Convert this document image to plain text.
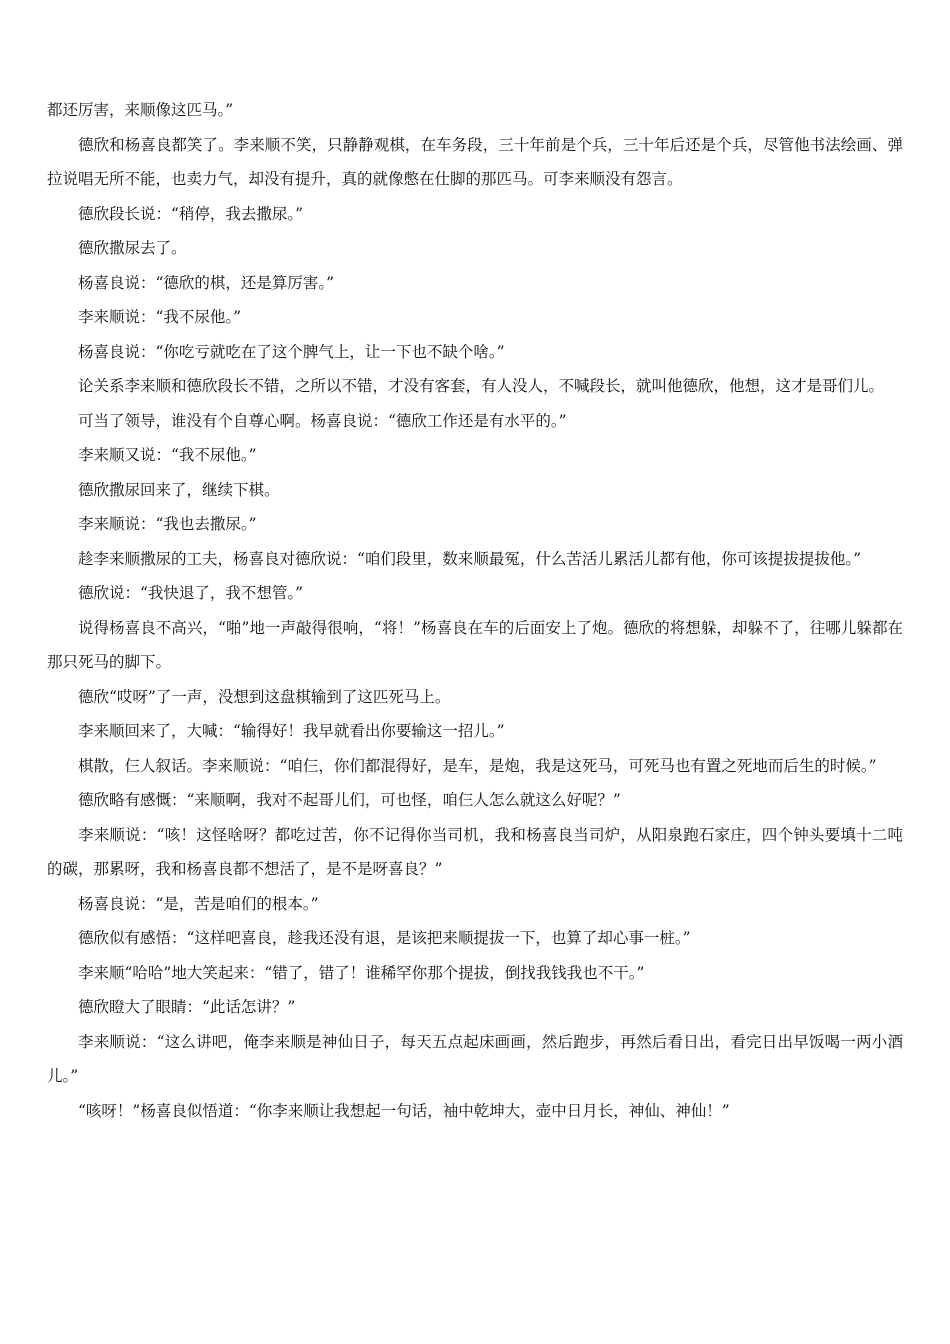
都还厉害，来顺像这匹马。”

德欣和杨喜良都笑了。李来顺不笑，只静静观棋，在车务段，三十年前是个兵，三十年后还是个兵，尽管他书法绘画、弹拉说唱无所不能，也卖力气，却没有提升，真的就像憋在仕脚的那匹马。可李来顺没有怨言。

德欣段长说：“稍停，我去撒尿。”

德欣撒尿去了。

杨喜良说：“德欣的棋，还是算厉害。”

李来顺说：“我不尿他。”

杨喜良说：“你吃亏就吃在了这个脾气上，让一下也不缺个啥。”

论关系李来顺和德欣段长不错，之所以不错，才没有客套，有人没人，不喊段长，就叫他德欣，他想，这才是哥们儿。

可当了领导，谁没有个自尊心啊。杨喜良说：“德欣工作还是有水平的。”

李来顺又说：“我不尿他。”

德欣撒尿回来了，继续下棋。

李来顺说：“我也去撒尿。”

趁李来顺撒尿的工夫，杨喜良对德欣说：“咱们段里，数来顺最冤，什么苦活儿累活儿都有他，你可该提拔提拔他。”

德欣说：“我快退了，我不想管。”

说得杨喜良不高兴，“啪”地一声敲得很响，“将！”杨喜良在车的后面安上了炮。德欣的将想躲，却躲不了，往哪儿躲都在那只死马的脚下。

德欣“哎呀”了一声，没想到这盘棋输到了这匹死马上。

李来顺回来了，大喊：“输得好！我早就看出你要输这一招儿。”

棋散，仨人叙话。李来顺说：“咱仨，你们都混得好，是车，是炮，我是这死马，可死马也有置之死地而后生的时候。”

德欣略有感慨：“来顺啊，我对不起哥儿们，可也怪，咱仨人怎么就这么好呢？”

李来顺说：“咳！这怪啥呀？都吃过苦，你不记得你当司机，我和杨喜良当司炉，从阳泉跑石家庄，四个钟头要填十二吨的碳，那累呀，我和杨喜良都不想活了，是不是呀喜良？”

杨喜良说：“是，苦是咱们的根本。”

德欣似有感悟：“这样吧喜良，趁我还没有退，是该把来顺提拔一下，也算了却心事一桩。”

李来顺“哈哈”地大笑起来：“错了，错了！谁稀罕你那个提拔，倒找我钱我也不干。”

德欣瞪大了眼睛：“此话怎讲？”

李来顺说：“这么讲吧，俺李来顺是神仙日子，每天五点起床画画，然后跑步，再然后看日出，看完日出早饭喝一两小酒儿。”

“咳呀！”杨喜良似悟道：“你李来顺让我想起一句话，袖中乾坤大，壶中日月长，神仙、神仙！”
